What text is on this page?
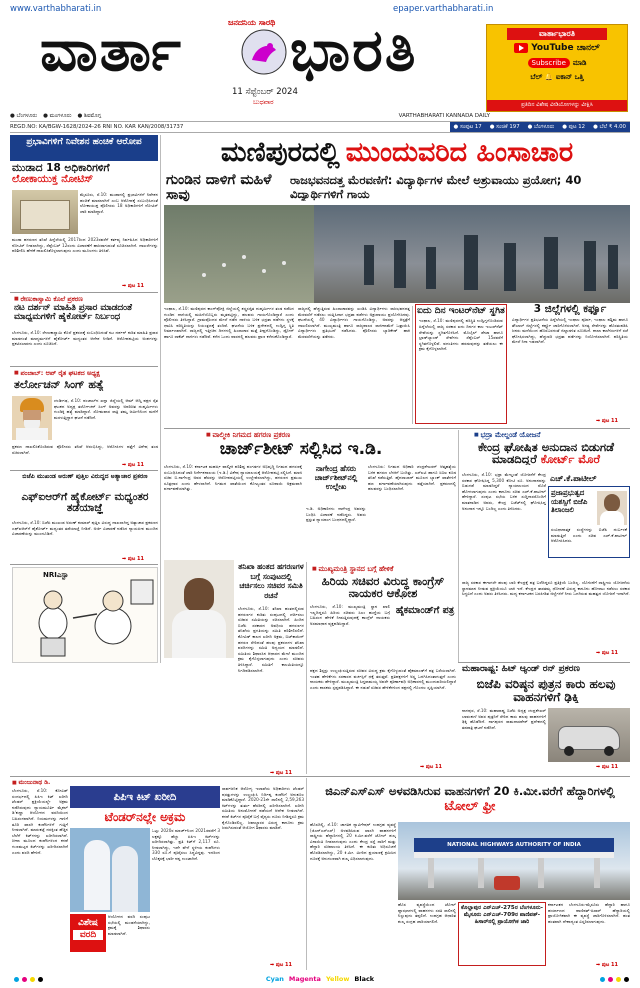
www.varthabharati.in	epaper.varthabharati.in
ಜನದನಿಯ ಸಾರಥಿ
ವಾರ್ತಾ ಭಾರತಿ
11 ಸೆಪ್ಟೆಂಬರ್ 2024
ಬುಧವಾರ
ವಾರ್ತಾಭಾರತಿ
YouTube ಚಾನಲ್
Subscribe	ಮಾಡಿ
ಬೆಲ್ 🔔 ಐಕಾನ್ ಒತ್ತಿ
ಪ್ರತಿದಿನ ವಿಶೇಷ ವೀಡಿಯೋಗಳನ್ನು ವೀಕ್ಷಿಸಿ
● ಬೆಂಗಳೂರು ● ಮಂಗಳೂರು ● ಶಿವಮೊಗ್ಗ	VARTHABHARATI KANNADA DAILY
REGD.NO: KA/BGW-1628/2024-26 RNI NO. KAR KAN/2008/31737	● ಸಂಪುಟ 17 ● ಸಂಚಿಕೆ 197 ● ಬೆಂಗಳೂರು ● ಪುಟ 12 ● ಬೆಲೆ ₹ 4.00
ಪ್ರಭಾವಿಗಳಿಗೆ ನಿವೇಶನ ಹಂಚಿಕೆ ಆರೋಪ
ಮುಡಾದ 18 ಅಧಿಕಾರಿಗಳಿಗೆ
ಲೋಕಾಯುಕ್ತ ನೋಟಿಸ್
ಮೈಸೂರು, ಸೆ.10: ಮುಡಾದಲ್ಲಿ ಪ್ರಭಾವಿಗಳಿಗೆ ನಿವೇಶನ ಹಂಚಿಕೆ ಮಾಡಲಾಗಿದೆ ಎಂಬ ಆರೋಪಕ್ಕೆ ಸಂಬಂಧಿಸಿದಂತೆ ಲೋಕಾಯುಕ್ತ ಪೊಲೀಸರು 18 ಅಧಿಕಾರಿಗಳಿಗೆ ನೋಟಿಸ್ ಜಾರಿ ಮಾಡಿದ್ದಾರೆ.
ಮುಡಾ ಹಗರಣದ ತನಿಖೆ ಹಿನ್ನೆಲೆಯಲ್ಲಿ 2017ರಿಂದ 2023ರವರೆಗೆ ಕರ್ತವ್ಯ ನಿರ್ವಹಿಸಿದ ಅಧಿಕಾರಿಗಳಿಗೆ ನೋಟಿಸ್ ನೀಡಲಾಗಿದ್ದು, ಸೆಪ್ಟೆಂಬರ್ 12ರಂದು ವಿಚಾರಣೆಗೆ ಹಾಜರಾಗುವಂತೆ ಸೂಚಿಸಲಾಗಿದೆ. ದಾಖಲೆಗಳನ್ನು ಪರಿಶೀಲಿಸಿ ಹೇಳಿಕೆ ದಾಖಲಿಸಿಕೊಳ್ಳಲಾಗುವುದು ಎಂದು ಮೂಲಗಳು ತಿಳಿಸಿವೆ.
➡ ಪುಟ 11
■ ರೇಣುಕಾಸ್ವಾಮಿ ಕೊಲೆ ಪ್ರಕರಣ
ನಟ ದರ್ಶನ್ ಮಾಹಿತಿ ಪ್ರಸಾರ ಮಾಡದಂತೆ ಮಾಧ್ಯಮಗಳಿಗೆ ಹೈಕೋರ್ಟ್ ನಿರ್ಬಂಧ
ಬೆಂಗಳೂರು, ಸೆ.10: ರೇಣುಕಾಸ್ವಾಮಿ ಕೊಲೆ ಪ್ರಕರಣಕ್ಕೆ ಸಂಬಂಧಿಸಿದಂತೆ ನಟ ದರ್ಶನ್ ಕುರಿತ ಮಾಹಿತಿ ಪ್ರಸಾರ ಮಾಡದಂತೆ ಮಾಧ್ಯಮಗಳಿಗೆ ಹೈಕೋರ್ಟ್ ಮಧ್ಯಂತರ ಆದೇಶ ನೀಡಿದೆ. ಆರೋಪಪಟ್ಟಿಯ ಅಂಶಗಳನ್ನು ಪ್ರಕಟಿಸಬಾರದು ಎಂದು ಸೂಚಿಸಿದೆ.
■ ಪಂಜಾಬ್: ಆಪ್ ರೈತ ಘಟಕದ ಅಧ್ಯಕ್ಷ
ತರ್ಲೋಚನ್ ಸಿಂಗ್ ಹತ್ಯೆ
ಚಂಡೀಗಢ, ಸೆ.10: ಪಂಜಾಬ್‌ನ ಖನ್ನಾ ಜಿಲ್ಲೆಯಲ್ಲಿ ಆಮ್ ಆದ್ಮಿ ಪಕ್ಷದ ರೈತ ಘಟಕದ ಅಧ್ಯಕ್ಷ ತರ್ಲೋಚನ್ ಸಿಂಗ್ ಅವರನ್ನು ಅಪರಿಚಿತ ದುಷ್ಕರ್ಮಿಗಳು ಗುಂಡಿಕ್ಕಿ ಹತ್ಯೆ ಮಾಡಿದ್ದಾರೆ. ಸೋಮವಾರ ರಾತ್ರಿ ತಮ್ಮ ಜಮೀನಿನಿಂದ ಮನೆಗೆ ಮರಳುತ್ತಿದ್ದಾಗ ಘಟನೆ ನಡೆದಿದೆ.
ಪ್ರಕರಣ ದಾಖಲಿಸಿಕೊಂಡಿರುವ ಪೊಲೀಸರು ತನಿಖೆ ಆರಂಭಿಸಿದ್ದು, ಆರೋಪಿಗಳ ಪತ್ತೆಗೆ ವಿಶೇಷ ತಂಡ ರಚಿಸಲಾಗಿದೆ.
➡ ಪುಟ 11
ಬಿಜೆಪಿ ಮುಖಂಡ ಅರುಣ್ ಪುತ್ತಿಲ ವಿರುದ್ಧದ ಅತ್ಯಾಚಾರ ಪ್ರಕರಣ
ಎಫ್‌ಐಆರ್‌ಗೆ ಹೈಕೋರ್ಟ್ ಮಧ್ಯಂತರ ತಡೆಯಾಜ್ಞೆ
ಬೆಂಗಳೂರು, ಸೆ.10: ಬಿಜೆಪಿ ಮುಖಂಡ ಅರುಣ್ ಕುಮಾರ್ ಪುತ್ತಿಲ ವಿರುದ್ಧ ದಾಖಲಾಗಿದ್ದ ಅತ್ಯಾಚಾರ ಪ್ರಕರಣದ ಎಫ್‌ಐಆರ್‌ಗೆ ಹೈಕೋರ್ಟ್ ಮಧ್ಯಂತರ ತಡೆಯಾಜ್ಞೆ ನೀಡಿದೆ. ಅರ್ಜಿ ವಿಚಾರಣೆ ನಡೆಸಿದ ನ್ಯಾಯಪೀಠ ಮುಂದಿನ ವಿಚಾರಣೆಯನ್ನು ಮುಂದೂಡಿದೆ.
➡ ಪುಟ 11
NRIಎಸ್ಟಾ
ಮಣಿಪುರದಲ್ಲಿ ಮುಂದುವರಿದ ಹಿಂಸಾಚಾರ
ಗುಂಡಿನ ದಾಳಿಗೆ ಮಹಿಳೆ ಸಾವು
ರಾಜಭವನದತ್ತ ಮೆರವಣಿಗೆ: ವಿದ್ಯಾರ್ಥಿಗಳ ಮೇಲೆ ಅಶ್ರುವಾಯು ಪ್ರಯೋಗ; 40 ವಿದ್ಯಾರ್ಥಿಗಳಿಗೆ ಗಾಯ
ಇಂಫಾಲ, ಸೆ.10: ಮಣಿಪುರದ ಕಾಂಗ್‌ಪೋಕ್ಪಿ ಜಿಲ್ಲೆಯಲ್ಲಿ ಶಸ್ತ್ರಸಜ್ಜಿತ ದುಷ್ಕರ್ಮಿಗಳ ತಂಡ ನಡೆಸಿದ ಗುಂಡಿನ ದಾಳಿಯಲ್ಲಿ ಮಹಿಳೆಯೊಬ್ಬರು ಮೃತಪಟ್ಟಿದ್ದು, ಹಲವರು ಗಾಯಗೊಂಡಿದ್ದಾರೆ ಎಂದು ಪೊಲೀಸರು ತಿಳಿಸಿದ್ದಾರೆ. ಗ್ರಾಮವೊಂದರ ಮೇಲೆ ನಡೆದ ದಾಳಿಯ ಬಳಿಕ ಭದ್ರತಾ ಪಡೆಗಳು ಸ್ಥಳಕ್ಕೆ ಧಾವಿಸಿ ಪರಿಸ್ಥಿತಿಯನ್ನು ನಿಯಂತ್ರಣಕ್ಕೆ ತಂದಿವೆ. ಘಟನೆಯ ಬಳಿಕ ಪ್ರದೇಶದಲ್ಲಿ ಉದ್ವಿಗ್ನ ಸ್ಥಿತಿ ನಿರ್ಮಾಣವಾಗಿದೆ. ರಾಜ್ಯದಲ್ಲಿ ಇತ್ತೀಚಿನ ದಿನಗಳಲ್ಲಿ ಹಿಂಸಾಚಾರ ಮತ್ತೆ ತೀವ್ರಗೊಂಡಿದ್ದು, ಡ್ರೋನ್ ಹಾಗೂ ರಾಕೆಟ್ ದಾಳಿಗಳು ನಡೆದಿವೆ. ಕಳೆದ ಒಂದು ವಾರದಲ್ಲಿ ಹಲವರು ಪ್ರಾಣ ಕಳೆದುಕೊಂಡಿದ್ದಾರೆ.
ರಾಜ್ಯದಲ್ಲಿ ಹೆಚ್ಚುತ್ತಿರುವ ಹಿಂಸಾಚಾರವನ್ನು ಖಂಡಿಸಿ ವಿದ್ಯಾರ್ಥಿಗಳು ರಾಜಭವನದತ್ತ ಮೆರವಣಿಗೆ ನಡೆಸಲು ಯತ್ನಿಸಿದಾಗ ಭದ್ರತಾ ಪಡೆಗಳು ಅಶ್ರುವಾಯು ಪ್ರಯೋಗಿಸಿದವು. ಘಟನೆಯಲ್ಲಿ 40 ವಿದ್ಯಾರ್ಥಿಗಳು ಗಾಯಗೊಂಡಿದ್ದು, ಅವರನ್ನು ಆಸ್ಪತ್ರೆಗೆ ದಾಖಲಿಸಲಾಗಿದೆ. ಮುಖ್ಯಮಂತ್ರಿ ಹಾಗೂ ರಾಜ್ಯಪಾಲರ ರಾಜೀನಾಮೆಗೆ ಒತ್ತಾಯಿಸಿ ವಿದ್ಯಾರ್ಥಿಗಳು ಪ್ರತಿಭಟನೆ ನಡೆಸಿದರು. ಪೊಲೀಸರು ಬ್ಯಾರಿಕೇಡ್ ಹಾಕಿ ಮೆರವಣಿಗೆಯನ್ನು ತಡೆದರು.
ಐದು ದಿನ ಇಂಟರ್‌ನೆಟ್ ಸ್ಥಗಿತ
ಇಂಫಾಲ, ಸೆ.10: ಮಣಿಪುರದಲ್ಲಿ ಪರಿಸ್ಥಿತಿ ಉದ್ವಿಗ್ನಗೊಂಡಿರುವ ಹಿನ್ನೆಲೆಯಲ್ಲಿ ರಾಜ್ಯ ಸರಕಾರ ಐದು ದಿನಗಳ ಕಾಲ ಇಂಟರ್‌ನೆಟ್ ಸೇವೆಯನ್ನು ಸ್ಥಗಿತಗೊಳಿಸಿದೆ. ಮೊಬೈಲ್ ಡೇಟಾ ಹಾಗೂ ಬ್ರಾಡ್‌ಬ್ಯಾಂಡ್ ಸೇವೆಗಳು ಸೆಪ್ಟೆಂಬರ್ 15ರವರೆಗೆ ಸ್ಥಗಿತಗೊಳ್ಳಲಿವೆ. ವದಂತಿಗಳು ಹರಡುವುದನ್ನು ತಡೆಯಲು ಈ ಕ್ರಮ ಕೈಗೊಳ್ಳಲಾಗಿದೆ.
3 ಜಿಲ್ಲೆಗಳಲ್ಲಿ ಕರ್ಫ್ಯೂ
ವಿದ್ಯಾರ್ಥಿಗಳ ಪ್ರತಿಭಟನೆಯ ಹಿನ್ನೆಲೆಯಲ್ಲಿ ಇಂಫಾಲ ಪೂರ್ವ, ಇಂಫಾಲ ಪಶ್ಚಿಮ ಹಾಗೂ ತೌಬಾಲ್ ಜಿಲ್ಲೆಗಳಲ್ಲಿ ಕರ್ಫ್ಯೂ ಜಾರಿಗೊಳಿಸಲಾಗಿದೆ. ಅಗತ್ಯ ಸೇವೆಗಳನ್ನು ಹೊರತುಪಡಿಸಿ ಜನರು ಮನೆಯಿಂದ ಹೊರಬರದಂತೆ ಜಿಲ್ಲಾಡಳಿತ ಸೂಚಿಸಿದೆ. ಶಾಲಾ ಕಾಲೇಜುಗಳಿಗೆ ರಜೆ ಘೋಷಿಸಲಾಗಿದ್ದು, ಹೆಚ್ಚುವರಿ ಭದ್ರತಾ ಪಡೆಗಳನ್ನು ನಿಯೋಜಿಸಲಾಗಿದೆ. ಪರಿಸ್ಥಿತಿಯ ಮೇಲೆ ನಿಗಾ ಇಡಲಾಗಿದೆ.
➡ ಪುಟ 11
■ ವಾಲ್ಮೀಕಿ ನಿಗಮದ ಹಗರಣ ಪ್ರಕರಣ
ಚಾರ್ಜ್‌ಶೀಟ್ ಸಲ್ಲಿಸಿದ ಇ.ಡಿ.
ಬೆಂಗಳೂರು, ಸೆ.10: ಕರ್ನಾಟಕ ಮಹರ್ಷಿ ವಾಲ್ಮೀಕಿ ಪರಿಶಿಷ್ಟ ಪಂಗಡಗಳ ಅಭಿವೃದ್ಧಿ ನಿಗಮದ ಹಗರಣಕ್ಕೆ ಸಂಬಂಧಿಸಿದಂತೆ ಜಾರಿ ನಿರ್ದೇಶನಾಲಯ (ಇ.ಡಿ.) ವಿಶೇಷ ನ್ಯಾಯಾಲಯಕ್ಕೆ ಆರೋಪಪಟ್ಟಿ ಸಲ್ಲಿಸಿದೆ. ಮಾಜಿ ಸಚಿವ ಬಿ.ನಾಗೇಂದ್ರ ಅವರ ಹೆಸರನ್ನು ಆರೋಪಪಟ್ಟಿಯಲ್ಲಿ ಉಲ್ಲೇಖಿಸಲಾಗಿದ್ದು, ಹಗರಣದ ಪ್ರಮುಖ ಸೂತ್ರಧಾರ ಎಂದು ಹೇಳಲಾಗಿದೆ. ನಿಗಮದ ಖಾತೆಯಿಂದ ಕೋಟ್ಯಂತರ ರೂಪಾಯಿ ಅಕ್ರಮವಾಗಿ ವರ್ಗಾವಣೆಯಾಗಿತ್ತು.
ನಾಗೇಂದ್ರ ಹೆಸರು ಚಾರ್ಜ್‌ಶೀಟ್‌ನಲ್ಲಿ ಉಲ್ಲೇಖ
ಇ.ಡಿ. ಅಧಿಕಾರಿಗಳು ನಾಗೇಂದ್ರ ಅವರನ್ನು ಬಂಧಿಸಿ ವಿಚಾರಣೆ ನಡೆಸಿದ್ದರು. ಅವರು ಪ್ರಸ್ತುತ ನ್ಯಾಯಾಂಗ ಬಂಧನದಲ್ಲಿದ್ದಾರೆ.
ಬೆಂಗಳೂರು: ನಿಗಮದ ಅಧಿಕಾರಿ ಚಂದ್ರಶೇಖರನ್ ಆತ್ಮಹತ್ಯೆಯ ಬಳಿಕ ಹಗರಣ ಬೆಳಕಿಗೆ ಬಂದಿತ್ತು. ಎಸ್‌ಐಟಿ ಹಾಗೂ ಸಿಬಿಐ ಕೂಡ ತನಿಖೆ ನಡೆಸುತ್ತಿವೆ. ಹೈದರಾಬಾದ್ ಮೂಲದ ಬ್ಯಾಂಕ್ ಖಾತೆಗಳಿಗೆ ಹಣ ವರ್ಗಾವಣೆಯಾಗಿರುವುದು ಪತ್ತೆಯಾಗಿದೆ. ಪ್ರಕರಣದಲ್ಲಿ ಹಲವರನ್ನು ಬಂಧಿಸಲಾಗಿದೆ.
■ ಭದ್ರಾ ಮೇಲ್ದಂಡೆ ಯೋಜನೆ
ಕೇಂದ್ರ ಘೋಷಿತ ಅನುದಾನ ಬಿಡುಗಡೆ ಮಾಡದಿದ್ದರೆ ಕೋರ್ಟ್ ಮೊರೆ
ಬೆಂಗಳೂರು, ಸೆ.10: ಭದ್ರಾ ಮೇಲ್ದಂಡೆ ಯೋಜನೆಗೆ ಕೇಂದ್ರ ಸರಕಾರ ಘೋಷಿಸಿದ್ದ 5,300 ಕೋಟಿ ರೂ. ಅನುದಾನವನ್ನು ಬಿಡುಗಡೆ ಮಾಡದಿದ್ದರೆ ನ್ಯಾಯಾಲಯದ ಮೊರೆ ಹೋಗಲಾಗುವುದು ಎಂದು ಕಾನೂನು ಸಚಿವ ಎಚ್.ಕೆ.ಪಾಟೀಲ್ ಹೇಳಿದ್ದಾರೆ. ಸಂಪುಟ ಸಭೆಯ ಬಳಿಕ ಸುದ್ದಿಗಾರರೊಂದಿಗೆ ಮಾತನಾಡಿದ ಅವರು, ಕೇಂದ್ರ ಬಜೆಟ್‌ನಲ್ಲಿ ಘೋಷಿಸಿದ್ದ ಅನುದಾನ ಇನ್ನೂ ಬಂದಿಲ್ಲ ಎಂದು ತಿಳಿಸಿದರು.
ಎಚ್.ಕೆ.ಪಾಟೀಲ್
ಪ್ರಜಾಪ್ರಭುತ್ವದ ಯಶಸ್ಸಿಗೆ ಬಿಜೆಪಿ ತಿಲಾಂಜಲಿ
ಸಂವಿಧಾನಾತ್ಮಕ ಸಂಸ್ಥೆಗಳನ್ನು ಬಿಜೆಪಿ ದುರ್ಬಳಕೆ ಮಾಡುತ್ತಿದೆ ಎಂದು ಸಚಿವ ಎಚ್.ಕೆ.ಪಾಟೀಲ್ ಆರೋಪಿಸಿದರು.
ರಾಜ್ಯ ಸರಕಾರ ಈಗಾಗಲೇ ಹಲವು ಬಾರಿ ಕೇಂದ್ರಕ್ಕೆ ಪತ್ರ ಬರೆದಿದ್ದರೂ ಪ್ರತಿಕ್ರಿಯೆ ಬಂದಿಲ್ಲ. ಯೋಜನೆಗೆ ರಾಷ್ಟ್ರೀಯ ಯೋಜನೆಯ ಸ್ಥಾನಮಾನ ನೀಡುವ ಪ್ರಕ್ರಿಯೆಯೂ ಬಾಕಿ ಇದೆ. ಕೇಂದ್ರದ ತಾರತಮ್ಯ ಧೋರಣೆ ವಿರುದ್ಧ ಕಾನೂನು ಹೋರಾಟ ನಡೆಸಲು ಸರಕಾರ ಸಿದ್ಧವಿದೆ ಎಂದು ಅವರು ತಿಳಿಸಿದರು. ಮಧ್ಯ ಕರ್ನಾಟಕದ ಬರಪೀಡಿತ ಜಿಲ್ಲೆಗಳಿಗೆ ನೀರು ಒದಗಿಸುವ ಮಹತ್ವದ ಯೋಜನೆ ಇದಾಗಿದೆ.
➡ ಪುಟ 11
ತನಿಖಾ ಹಂತದ ಹಗರಣಗಳ ಬಗ್ಗೆ ಸಂಪುಟದಲ್ಲಿ ಚರ್ಚಿಸಲು ಸಚಿವರ ಸಮಿತಿ ರಚನೆ
ಬೆಂಗಳೂರು, ಸೆ.10: ತನಿಖಾ ಹಂತದಲ್ಲಿರುವ ಹಗರಣಗಳ ಕುರಿತು ಸಂಪುಟದಲ್ಲಿ ಚರ್ಚಿಸಲು ಸಚಿವರ ಸಮಿತಿಯನ್ನು ರಚಿಸಲಾಗಿದೆ. ಹಿಂದಿನ ಬಿಜೆಪಿ ಸರಕಾರದ ಅವಧಿಯ ಹಗರಣಗಳ ತನಿಖೆಯ ಪ್ರಗತಿಯನ್ನು ಸಮಿತಿ ಪರಿಶೀಲಿಸಲಿದೆ. ಕೋವಿಡ್ ಕಾಲದ ಖರೀದಿ ಅಕ್ರಮ, ಬಿಟ್‌ಕಾಯಿನ್ ಹಗರಣ ಸೇರಿದಂತೆ ಹಲವು ಪ್ರಕರಣಗಳ ತನಿಖಾ ವರದಿಗಳನ್ನು ಸಮಿತಿ ಅಧ್ಯಯನ ಮಾಡಲಿದೆ. ಸಮಿತಿಯ ಶಿಫಾರಸಿನ ಆಧಾರದ ಮೇಲೆ ಮುಂದಿನ ಕ್ರಮ ಕೈಗೊಳ್ಳಲಾಗುವುದು ಎಂದು ಸಚಿವರು ತಿಳಿಸಿದ್ದಾರೆ. ಸಮಿತಿಗೆ ಕಾಲಮಿತಿಯನ್ನೂ ನಿಗದಿಪಡಿಸಲಾಗಿದೆ.
➡ ಪುಟ 11
■ ಮುಖ್ಯಮಂತ್ರಿ ಸ್ಥಾನದ ಬಗ್ಗೆ ಹೇಳಿಕೆ
ಹಿರಿಯ ಸಚಿವರ ವಿರುದ್ಧ ಕಾಂಗ್ರೆಸ್ ನಾಯಕರ ಆಕ್ರೋಶ
ಬೆಂಗಳೂರು, ಸೆ.10: ಮುಖ್ಯಮಂತ್ರಿ ಸ್ಥಾನ ಖಾಲಿ ಇಲ್ಲದಿದ್ದರೂ ಹಿರಿಯ ಸಚಿವರು ಸಿಎಂ ಹುದ್ದೆಯ ಬಗ್ಗೆ ಬಹಿರಂಗ ಹೇಳಿಕೆ ನೀಡುತ್ತಿರುವುದಕ್ಕೆ ಕಾಂಗ್ರೆಸ್ ನಾಯಕರು ಅಸಮಾಧಾನ ವ್ಯಕ್ತಪಡಿಸಿದ್ದಾರೆ.
ಹೈಕಮಾಂಡ್‌ಗೆ ಪತ್ರ
ಪಕ್ಷದ ಶಿಸ್ತನ್ನು ಉಲ್ಲಂಘಿಸುತ್ತಿರುವ ಸಚಿವರ ವಿರುದ್ಧ ಕ್ರಮ ಕೈಗೊಳ್ಳುವಂತೆ ಹೈಕಮಾಂಡ್‌ಗೆ ಪತ್ರ ಬರೆಯಲಾಗಿದೆ. ಇಂತಹ ಹೇಳಿಕೆಗಳು ಸರಕಾರದ ವರ್ಚಸ್ಸಿಗೆ ಧಕ್ಕೆ ತರುತ್ತವೆ. ಪ್ರತಿಪಕ್ಷಗಳಿಗೆ ಅಸ್ತ್ರ ಒದಗಿಸಿದಂತಾಗುತ್ತದೆ ಎಂದು ನಾಯಕರು ಹೇಳಿದ್ದಾರೆ. ಮುಖ್ಯಮಂತ್ರಿ ಸಿದ್ದರಾಮಯ್ಯ ಅವರೇ ಪೂರ್ಣಾವಧಿ ಅಧಿಕಾರದಲ್ಲಿ ಮುಂದುವರಿಯಲಿದ್ದಾರೆ ಎಂದು ಶಾಸಕರು ಸ್ಪಷ್ಟಪಡಿಸಿದ್ದಾರೆ. ಈ ನಡುವೆ ಸಚಿವರ ಹೇಳಿಕೆಗಳಿಂದ ಪಕ್ಷದಲ್ಲಿ ಗೊಂದಲ ಸೃಷ್ಟಿಯಾಗಿದೆ.
➡ ಪುಟ 11
ಮಹಾರಾಷ್ಟ್ರ: ಹಿಟ್ ಆ್ಯಂಡ್ ರನ್ ಪ್ರಕರಣ
ಬಿಜೆಪಿ ವರಿಷ್ಠನ ಪುತ್ರನ ಕಾರು ಹಲವು ವಾಹನಗಳಿಗೆ ಢಿಕ್ಕಿ
ನಾಗಪುರ, ಸೆ.10: ಮಹಾರಾಷ್ಟ್ರ ಬಿಜೆಪಿ ಅಧ್ಯಕ್ಷ ಚಂದ್ರಶೇಖರ್ ಬಾವಂಕುಳೆ ಅವರ ಪುತ್ರನಿಗೆ ಸೇರಿದ ಕಾರು ಹಲವು ವಾಹನಗಳಿಗೆ ಢಿಕ್ಕಿ ಹೊಡೆದಿದೆ. ನಾಗಪುರದ ರಾಮದಾಸಪೇಠ್ ಪ್ರದೇಶದಲ್ಲಿ ತಡರಾತ್ರಿ ಘಟನೆ ನಡೆದಿದೆ.
➡ ಪುಟ 11
■ ಮಂಜುನಾಥ ಡಿ.
ಬೆಂಗಳೂರು, ಸೆ.10: ಕೋವಿಡ್ ಸಂದರ್ಭದಲ್ಲಿ ಪಿಪಿಇ ಕಿಟ್ ಖರೀದಿ ಟೆಂಡರ್ ಪ್ರಕ್ರಿಯೆಯಲ್ಲೇ ಅಕ್ರಮ ನಡೆದಿರುವುದು ನ್ಯಾಯಮೂರ್ತಿ ಮೈಕಲ್ ಡಿ'ಕುನ್ಹಾ ಆಯೋಗದ ವರದಿಯಿಂದ ಬಹಿರಂಗವಾಗಿದೆ. ನಿಯಮಗಳನ್ನು ಗಾಳಿಗೆ ತೂರಿ ಖಾಸಗಿ ಕಂಪೆನಿಗಳಿಗೆ ಗುತ್ತಿಗೆ ನೀಡಲಾಗಿದೆ. ಮಾರುಕಟ್ಟೆ ದರಕ್ಕಿಂತ ಹೆಚ್ಚಿನ ಬೆಲೆಗೆ ಕಿಟ್‌ಗಳನ್ನು ಖರೀದಿಸಲಾಗಿದೆ. ಚೀನಾ ಮೂಲದ ಕಂಪೆನಿಗಳಿಂದ ಕಳಪೆ ಗುಣಮಟ್ಟದ ಕಿಟ್‌ಗಳನ್ನು ಖರೀದಿಸಲಾಗಿದೆ ಎಂದು ವರದಿ ಹೇಳಿದೆ.
ಪಿಪಿಇ ಕಿಟ್ ಖರೀದಿ
ಟೆಂಡರ್‌ನಲ್ಲೇ ಅಕ್ರಮ
ವಿಶೇಷ
ವರದಿ
ಒಟ್ಟು 2020ರ ಮಾರ್ಚ್‌ನಿಂದ 2021ರವರೆಗೆ 3 ಲಕ್ಷಕ್ಕೂ ಹೆಚ್ಚು ಪಿಪಿಇ ಕಿಟ್‌ಗಳನ್ನು ಖರೀದಿಸಲಾಗಿತ್ತು. ಪ್ರತಿ ಕಿಟ್‌ಗೆ 2,117 ರೂ. ನೀಡಲಾಗಿದ್ದು, ಇದೇ ವೇಳೆ ಸ್ಥಳೀಯ ಕಂಪೆನಿಗಳು 330 ರೂ.ಗೆ ಪೂರೈಸಲು ಸಿದ್ಧವಿದ್ದವು. ಇದರಿಂದ ಬೊಕ್ಕಸಕ್ಕೆ ಭಾರೀ ನಷ್ಟ ಉಂಟಾಗಿದೆ.
ಆಯೋಗದ ವರದಿ ಸಂಪುಟ ಸಭೆಯಲ್ಲಿ ಮಂಡನೆಯಾಗಿದ್ದು, ಕ್ರಮಕ್ಕೆ ಶಿಫಾರಸು ಮಾಡಲಾಗಿದೆ.
ಸಾರ್ವಜನಿಕ ಆರೋಗ್ಯ ಇಲಾಖೆಯ ಅಧಿಕಾರಿಗಳು ಟೆಂಡರ್ ಷರತ್ತುಗಳನ್ನು ಉಲ್ಲಂಘಿಸಿ ನಿರ್ದಿಷ್ಟ ಕಂಪೆನಿಗೆ ಅನುಕೂಲ ಮಾಡಿಕೊಟ್ಟಿದ್ದಾರೆ. 2020-21ನೇ ಸಾಲಿನಲ್ಲಿ 2,59,263 ಕಿಟ್‌ಗಳನ್ನು ತುರ್ತು ಹೆಸರಿನಲ್ಲಿ ಖರೀದಿಸಲಾಗಿದೆ. ಖರೀದಿ ಸಮಿತಿಯ ಅನುಮೋದನೆ ಪಡೆಯದೆ ಆದೇಶ ನೀಡಲಾಗಿದೆ. ಕಳಪೆ ಕಿಟ್‌ಗಳ ಪೂರೈಕೆ ಬಗ್ಗೆ ವೈದ್ಯರು ದೂರು ನೀಡಿದ್ದರೂ ಕ್ರಮ ಕೈಗೊಂಡಿರಲಿಲ್ಲ. ಜವಾಬ್ದಾರರ ವಿರುದ್ಧ ಕಾನೂನು ಕ್ರಮ ಜರುಗಿಸುವಂತೆ ಆಯೋಗ ಶಿಫಾರಸು ಮಾಡಿದೆ.
➡ ಪುಟ 11
ಜಿಎನ್‌ಎಸ್‌ಎಸ್ ಅಳವಡಿಸಿರುವ ವಾಹನಗಳಿಗೆ 20 ಕಿ.ಮೀ.ವರೆಗೆ ಹೆದ್ದಾರಿಗಳಲ್ಲಿ
ಟೋಲ್ ಫ್ರೀ
ಹೊಸದಿಲ್ಲಿ, ಸೆ.10: ಜಾಗತಿಕ ನ್ಯಾವಿಗೇಷನ್ ಉಪಗ್ರಹ ವ್ಯವಸ್ಥೆ (ಜಿಎನ್‌ಎಸ್‌ಎಸ್) ಅಳವಡಿಸಿರುವ ಖಾಸಗಿ ವಾಹನಗಳಿಗೆ ರಾಷ್ಟ್ರೀಯ ಹೆದ್ದಾರಿಗಳಲ್ಲಿ 20 ಕಿ.ಮೀ.ವರೆಗೆ ಟೋಲ್ ಶುಲ್ಕ ವಿನಾಯಿತಿ ನೀಡಲಾಗುವುದು ಎಂದು ಕೇಂದ್ರ ರಸ್ತೆ ಸಾರಿಗೆ ಮತ್ತು ಹೆದ್ದಾರಿ ಸಚಿವಾಲಯ ತಿಳಿಸಿದೆ. ಈ ಕುರಿತು ಅಧಿಸೂಚನೆ ಹೊರಡಿಸಲಾಗಿದ್ದು, 20 ಕಿ.ಮೀ. ಮೀರಿದ ಪ್ರಯಾಣಕ್ಕೆ ಕ್ರಮಿಸಿದ ದೂರಕ್ಕೆ ಅನುಗುಣವಾಗಿ ಶುಲ್ಕ ವಿಧಿಸಲಾಗುವುದು.
NATIONAL HIGHWAYS AUTHORITY OF INDIA
ಹೊಸ ವ್ಯವಸ್ಥೆಯಿಂದ ಟೋಲ್ ಪ್ಲಾಝಾಗಳಲ್ಲಿ ವಾಹನಗಳು ಸರತಿ ಸಾಲಿನಲ್ಲಿ ನಿಲ್ಲುವುದು ತಪ್ಪಲಿದೆ. ಉಪಗ್ರಹ ಆಧಾರಿತ ಶುಲ್ಕ ಸಂಗ್ರಹ ಜಾರಿಯಾಗಲಿದೆ.
ಕೊಲ್ಲಾಪುರ ಎನ್‌ಎಚ್-275ರ ಬೆಂಗಳೂರು-ಮೈಸೂರು ಎನ್‌ಎಚ್-709ರ ಪಾಣಿಪತ್-ಹಿಸಾರ್‌ನಲ್ಲಿ ಪ್ರಾಯೋಗಿಕ ಜಾರಿ
ಕರ್ನಾಟಕದ ಬೆಂಗಳೂರು-ಮೈಸೂರು ಹೆದ್ದಾರಿ ಹಾಗೂ ಹರ್ಯಾಣದ ಪಾಣಿಪತ್-ಹಿಸಾರ್ ಹೆದ್ದಾರಿಯಲ್ಲಿ ಪ್ರಾಯೋಗಿಕವಾಗಿ ಈ ವ್ಯವಸ್ಥೆ ಜಾರಿಗೊಳಿಸಲಾಗಿದೆ. ಹಂತ ಹಂತವಾಗಿ ದೇಶಾದ್ಯಂತ ವಿಸ್ತರಿಸಲಾಗುವುದು.
➡ ಪುಟ 11
Cyan Magenta Yellow Black
